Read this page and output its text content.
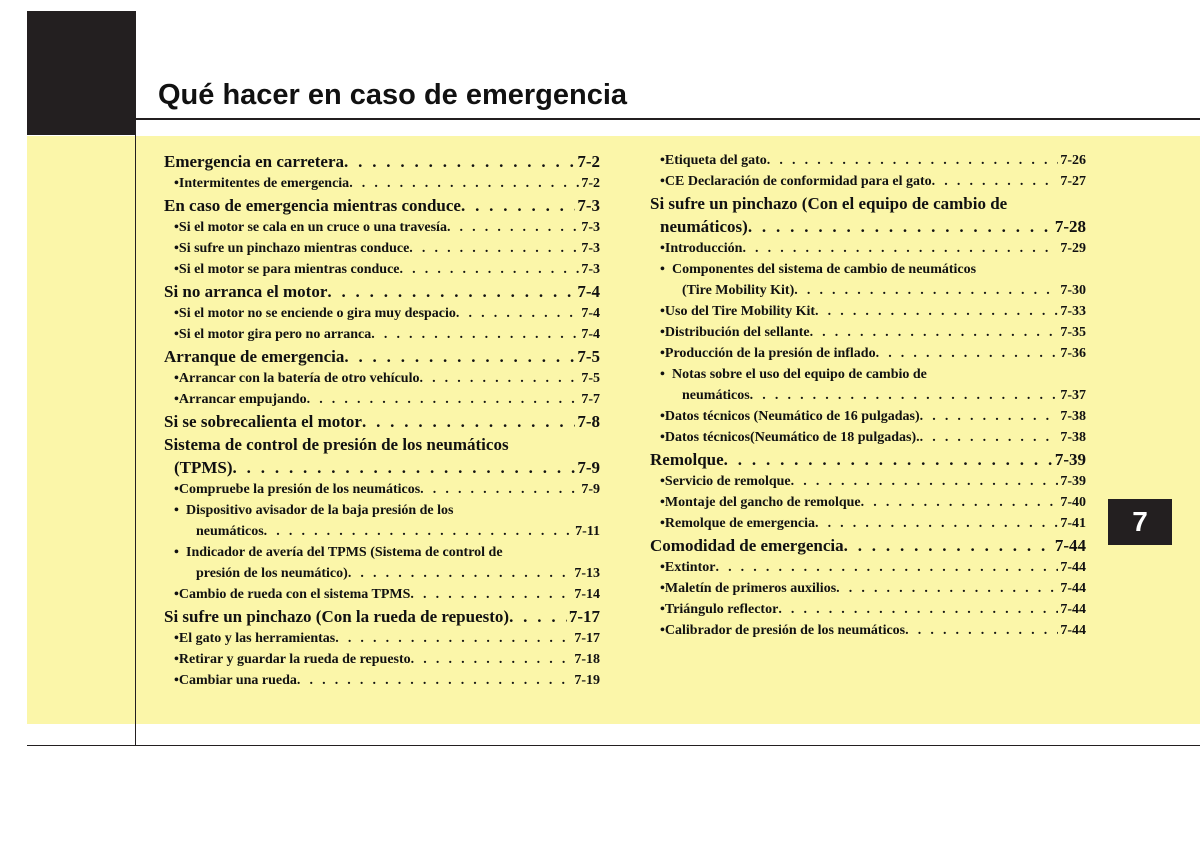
Qué hacer en caso de emergencia
7
Emergencia en carretera . . .	7-2
• Intermitentes de emergencia . . .	7-2
En caso de emergencia mientras conduce . . .	7-3
• Si el motor se cala en un cruce o una travesía . . .	7-3
• Si sufre un pinchazo mientras conduce . . .	7-3
• Si el motor se para mientras conduce . . .	7-3
Si no arranca el motor . . .	7-4
• Si el motor no se enciende o gira muy despacio . . .	7-4
• Si el motor gira pero no arranca . . .	7-4
Arranque de emergencia . . .	7-5
• Arrancar con la batería de otro vehículo . . .	7-5
• Arrancar empujando . . .	7-7
Si se sobrecalienta el motor . . .	7-8
Sistema de control de presión de los neumáticos
(TPMS) . . .	7-9
• Compruebe la presión de los neumáticos . . .	7-9
• Dispositivo avisador de la baja presión de los
neumáticos . . .	7-11
• Indicador de avería del TPMS (Sistema de control de
presión de los neumático) . . .	7-13
• Cambio de rueda con el sistema TPMS . . .	7-14
Si sufre un pinchazo (Con la rueda de repuesto) . . .	7-17
• El gato y las herramientas . . .	7-17
• Retirar y guardar la rueda de repuesto . . .	7-18
• Cambiar una rueda . . .	7-19
• Etiqueta del gato . . .	7-26
• CE Declaración de conformidad para el gato . . .	7-27
Si sufre un pinchazo (Con el equipo de cambio de
neumáticos) . . .	7-28
• Introducción . . .	7-29
• Componentes del sistema de cambio de neumáticos
(Tire Mobility Kit) . . .	7-30
• Uso del Tire Mobility Kit . . .	7-33
• Distribución del sellante . . .	7-35
• Producción de la presión de inflado . . .	7-36
• Notas sobre el uso del equipo de cambio de
neumáticos . . .	7-37
• Datos técnicos (Neumático de 16 pulgadas) . . .	7-38
• Datos técnicos(Neumático de 18 pulgadas). . . .	7-38
Remolque . . .	7-39
• Servicio de remolque . . .	7-39
• Montaje del gancho de remolque . . .	7-40
• Remolque de emergencia . . .	7-41
Comodidad de emergencia . . .	7-44
• Extintor . . .	7-44
• Maletín de primeros auxilios . . .	7-44
• Triángulo reflector . . .	7-44
• Calibrador de presión de los neumáticos . . .	7-44
